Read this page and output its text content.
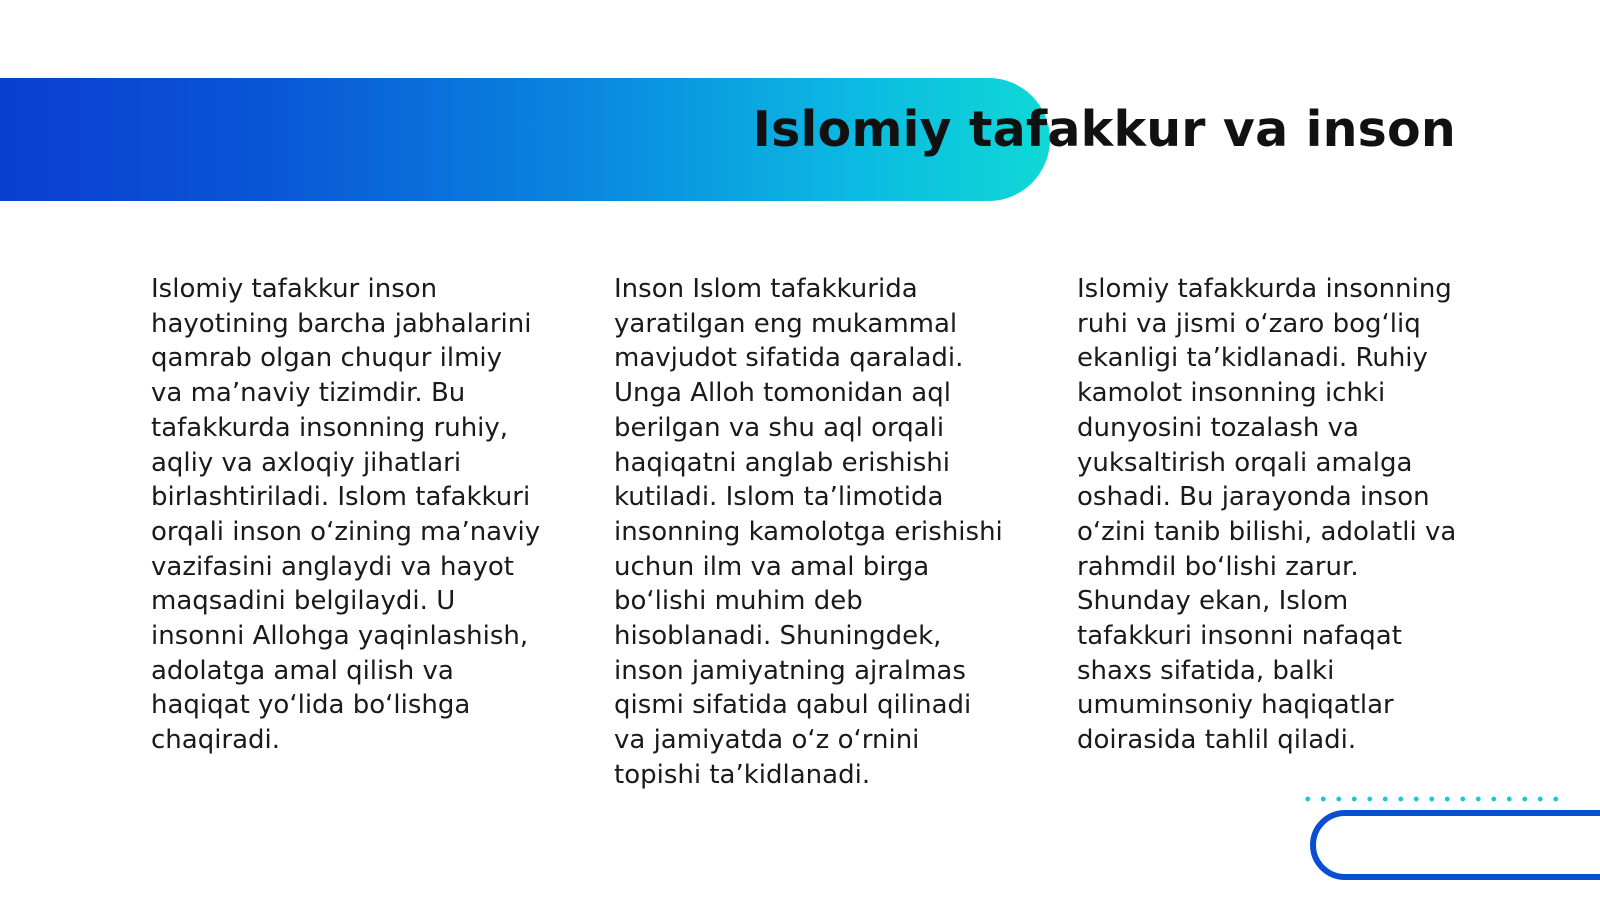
Islomiy tafakkur va inson

Islomiy tafakkur inson hayotining barcha jabhalarini qamrab olgan chuqur ilmiy va ma’naviy tizimdir. Bu tafakkurda insonning ruhiy, aqliy va axloqiy jihatlari birlashtiriladi. Islom tafakkuri orqali inson o‘zining ma’naviy vazifasini anglaydi va hayot maqsadini belgilaydi. U insonni Allohga yaqinlashish, adolatga amal qilish va haqiqat yo‘lida bo‘lishga chaqiradi.

Inson Islom tafakkurida yaratilgan eng mukammal mavjudot sifatida qaraladi. Unga Alloh tomonidan aql berilgan va shu aql orqali haqiqatni anglab erishishi kutiladi. Islom ta’limotida insonning kamolotga erishishi uchun ilm va amal birga bo‘lishi muhim deb hisoblanadi. Shuningdek, inson jamiyatning ajralmas qismi sifatida qabul qilinadi va jamiyatda o‘z o‘rnini topishi ta’kidlanadi.

Islomiy tafakkurda insonning ruhi va jismi o‘zaro bog‘liq ekanligi ta’kidlanadi. Ruhiy kamolot insonning ichki dunyosini tozalash va yuksaltirish orqali amalga oshadi. Bu jarayonda inson o‘zini tanib bilishi, adolatli va rahmdil bo‘lishi zarur. Shunday ekan, Islom tafakkuri insonni nafaqat shaxs sifatida, balki umuminsoniy haqiqatlar doirasida tahlil qiladi.
